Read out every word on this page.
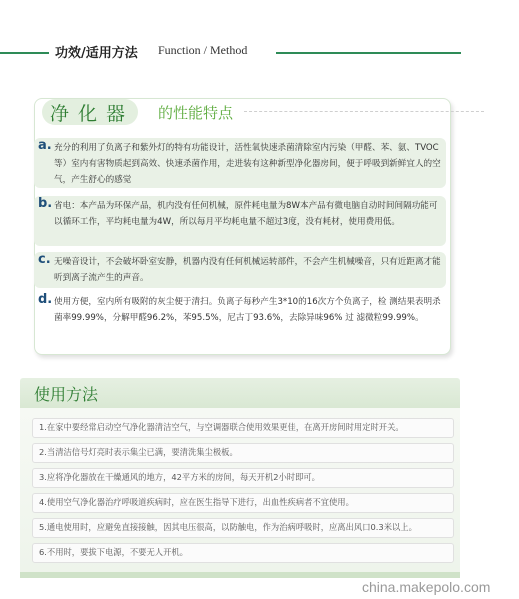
功效/适用方法 Function / Method
净化器 的性能特点
a. 充分的利用了负离子和紫外灯的特有功能设计，活性氧快速杀菌清除室内污染（甲醛、苯、氨、TVOC等）室内有害物质起到高效、快速杀菌作用，走进装有这种新型净化器房间，便于呼吸到新鲜宜人的空气，产生舒心的感觉
b. 省电：本产品为环保产品，机内没有任何机械，原件耗电量为8W本产品有微电脑自动时间间隔功能可以循环工作，平均耗电量为4W，所以每月平均耗电量不超过3度，没有耗材，使用费用低。
c. 无噪音设计，不会破坏卧室安静，机器内没有任何机械运转部件，不会产生机械噪音，只有近距离才能听到离子流产生的声音。
d. 使用方便，室内所有吸附的灰尘便于清扫。负离子每秒产生3*10的16次方个负离子，检 测结果表明杀菌率99.99%，分解甲醛96.2%，苯95.5%，尼古丁93.6%，去除异味96% 过 滤微粒99.99%。
使用方法
1.在家中要经常启动空气净化器清洁空气，与空调器联合使用效果更佳，在离开房间时用定时开关。
2.当清洁信号灯亮时表示集尘已满，要清洗集尘极板。
3.应将净化器放在干燥通风的地方，42平方米的房间，每天开机2小时即可。
4.使用空气净化器治疗呼吸道疾病时，应在医生指导下进行，出血性疾病者不宜使用。
5.通电使用时，应避免直接接触，因其电压很高，以防触电，作为治病呼吸时，应离出风口0.3米以上。
6.不用时，要拔下电源，不要无人开机。
china.makepolo.com
